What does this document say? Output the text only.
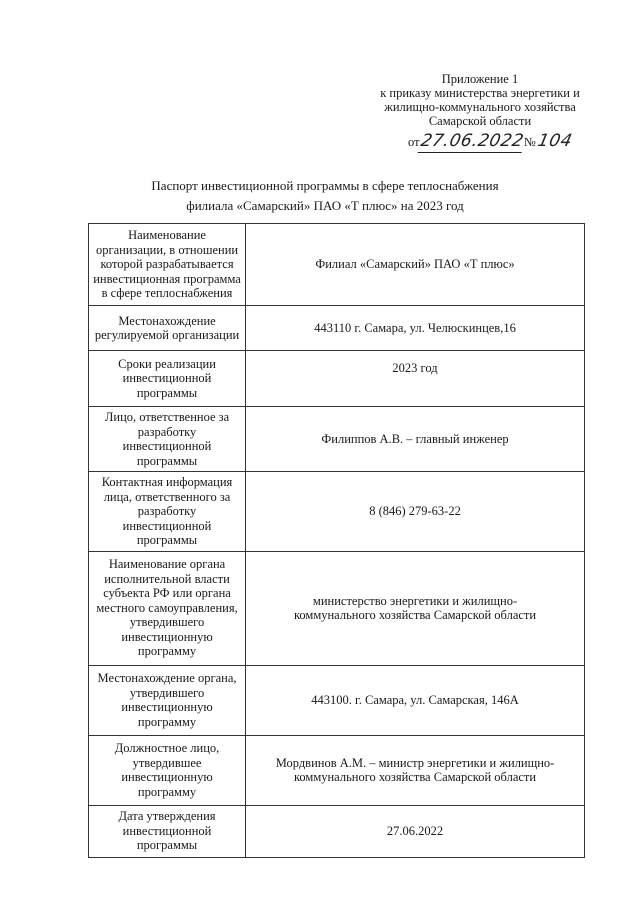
Приложение 1
к приказу министерства энергетики и
жилищно-коммунального хозяйства
Самарской области
от27.06.2022№104
Паспорт инвестиционной программы в сфере теплоснабжения
филиала «Самарский» ПАО «Т плюс» на 2023 год
Наименование организации, в отношении которой разрабатывается инвестиционная программа в сфере теплоснабжения	Филиал «Самарский» ПАО «Т плюс»
Местонахождение регулируемой организации	443110 г. Самара, ул. Челюскинцев,16
Сроки реализации инвестиционной программы	2023 год
Лицо, ответственное за разработку инвестиционной программы	Филиппов А.В. – главный инженер
Контактная информация лица, ответственного за разработку инвестиционной программы	8 (846) 279-63-22
Наименование органа исполнительной власти субъекта РФ или органа местного самоуправления, утвердившего инвестиционную программу	министерство энергетики и жилищно-коммунального хозяйства Самарской области
Местонахождение органа, утвердившего инвестиционную программу	443100. г. Самара, ул. Самарская, 146А
Должностное лицо, утвердившее инвестиционную программу	Мордвинов А.М. – министр энергетики и жилищно-коммунального хозяйства Самарской области
Дата утверждения инвестиционной программы	27.06.2022
